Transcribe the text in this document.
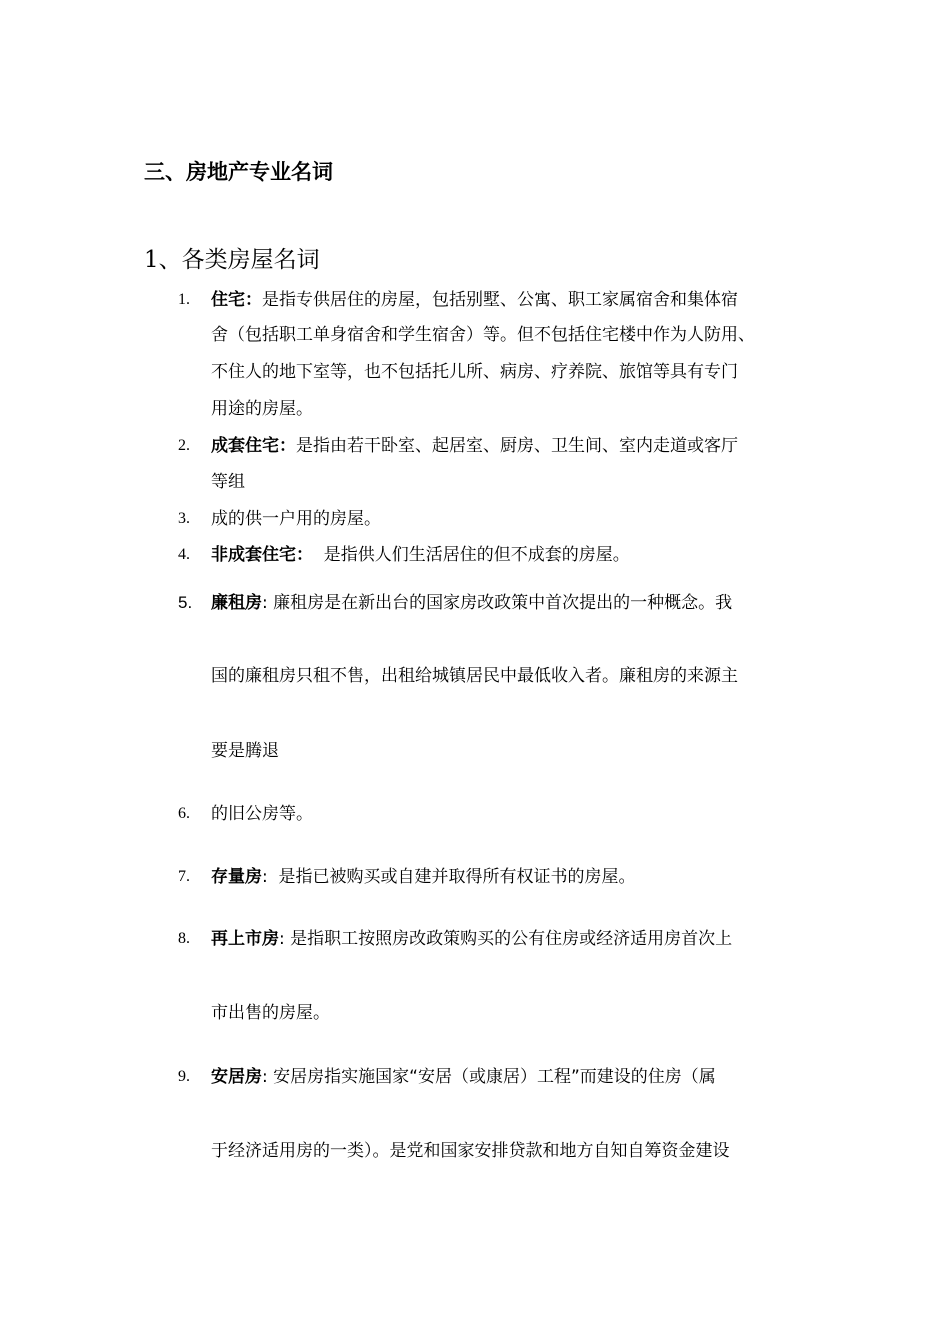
三、房地产专业名词
1、各类房屋名词
1. 住宅：是指专供居住的房屋，包括别墅、公寓、职工家属宿舍和集体宿
舍（包括职工单身宿舍和学生宿舍）等。但不包括住宅楼中作为人防用、
不住人的地下室等，也不包括托儿所、病房、疗养院、旅馆等具有专门
用途的房屋。
2. 成套住宅：是指由若干卧室、起居室、厨房、卫生间、室内走道或客厅
等组
3. 成的供一户用的房屋。
4. 非成套住宅：  是指供人们生活居住的但不成套的房屋。
5. 廉租房: 廉租房是在新出台的国家房改政策中首次提出的一种概念。我
国的廉租房只租不售，出租给城镇居民中最低收入者。廉租房的来源主
要是腾退
6. 的旧公房等。
7. 存量房:  是指已被购买或自建并取得所有权证书的房屋。
8. 再上市房: 是指职工按照房改政策购买的公有住房或经济适用房首次上
市出售的房屋。
9. 安居房: 安居房指实施国家“安居（或康居）工程”而建设的住房（属
于经济适用房的一类）。是党和国家安排贷款和地方自知自筹资金建设
